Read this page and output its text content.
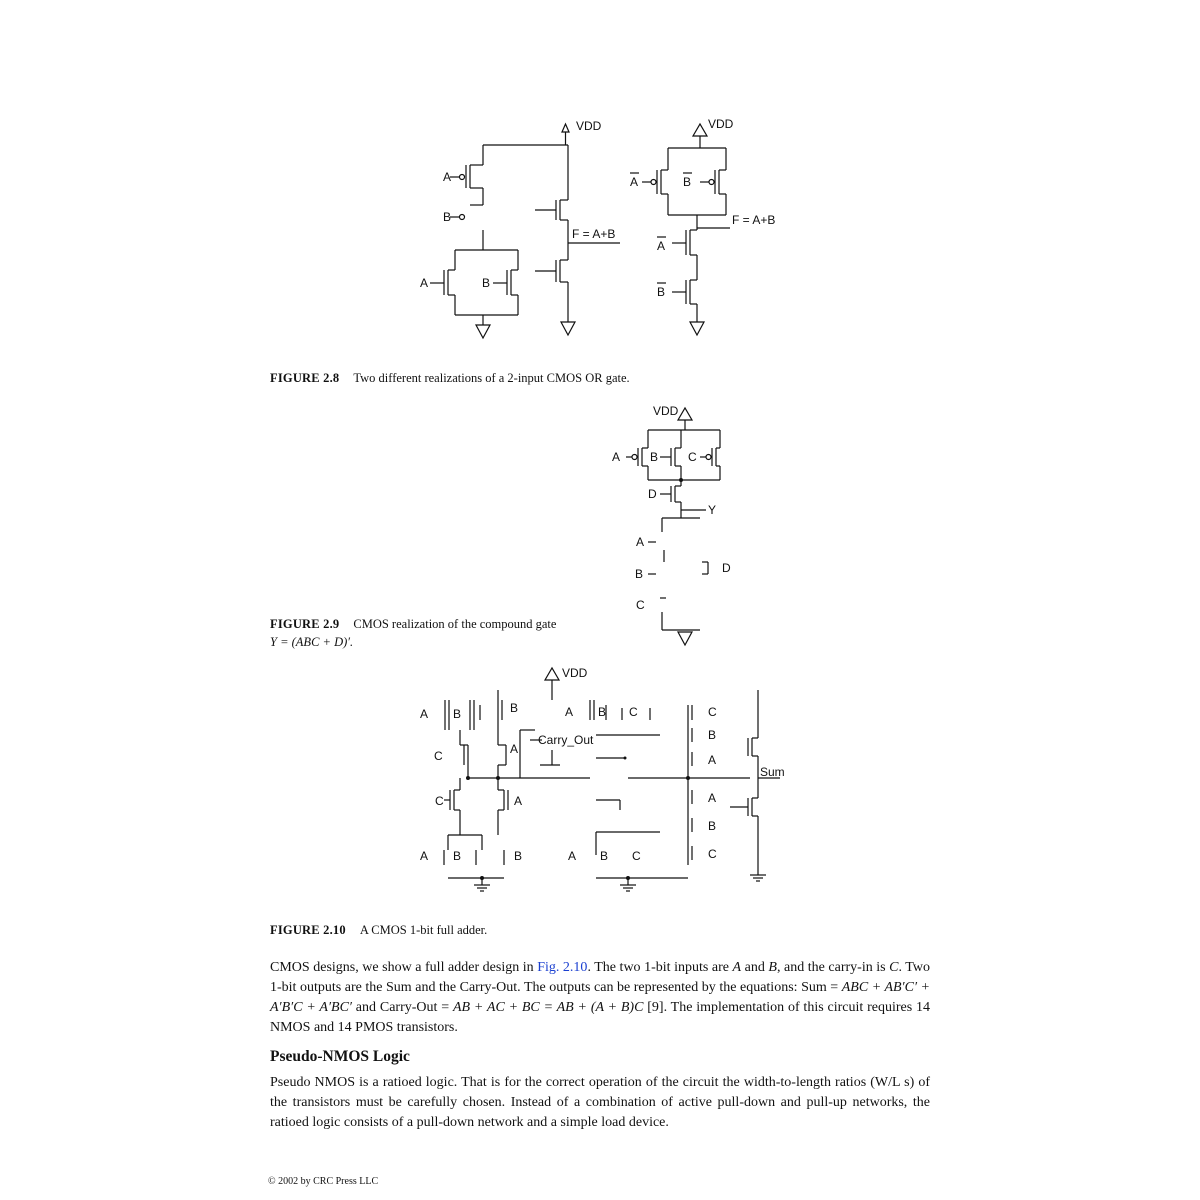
VDD
A
B
A	B
F = A+B
VDD
A	B
F = A+B
A
B
FIGURE 2.8 Two different realizations of a 2-input CMOS OR gate.
VDD
A B C
D
Y
A
B	D
C
FIGURE 2.9 CMOS realization of the compound gate
Y = (ABC + D)′.
VDD
A B	B
C	A
C	A
A B	B
Carry_Out
A B C
A B C
C
B
A
A
B
C
Sum
FIGURE 2.10 A CMOS 1-bit full adder.
CMOS designs, we show a full adder design in Fig. 2.10. The two 1-bit inputs are A and B, and the carry-in is C. Two 1-bit outputs are the Sum and the Carry-Out. The outputs can be represented by the equations: Sum = ABC + AB′C′ + A′B′C + A′BC′ and Carry-Out = AB + AC + BC = AB + (A + B)C [9]. The implementation of this circuit requires 14 NMOS and 14 PMOS transistors.
Pseudo-NMOS Logic
Pseudo NMOS is a ratioed logic. That is for the correct operation of the circuit the width-to-length ratios (W/L s) of the transistors must be carefully chosen. Instead of a combination of active pull-down and pull-up networks, the ratioed logic consists of a pull-down network and a simple load device.
© 2002 by CRC Press LLC
